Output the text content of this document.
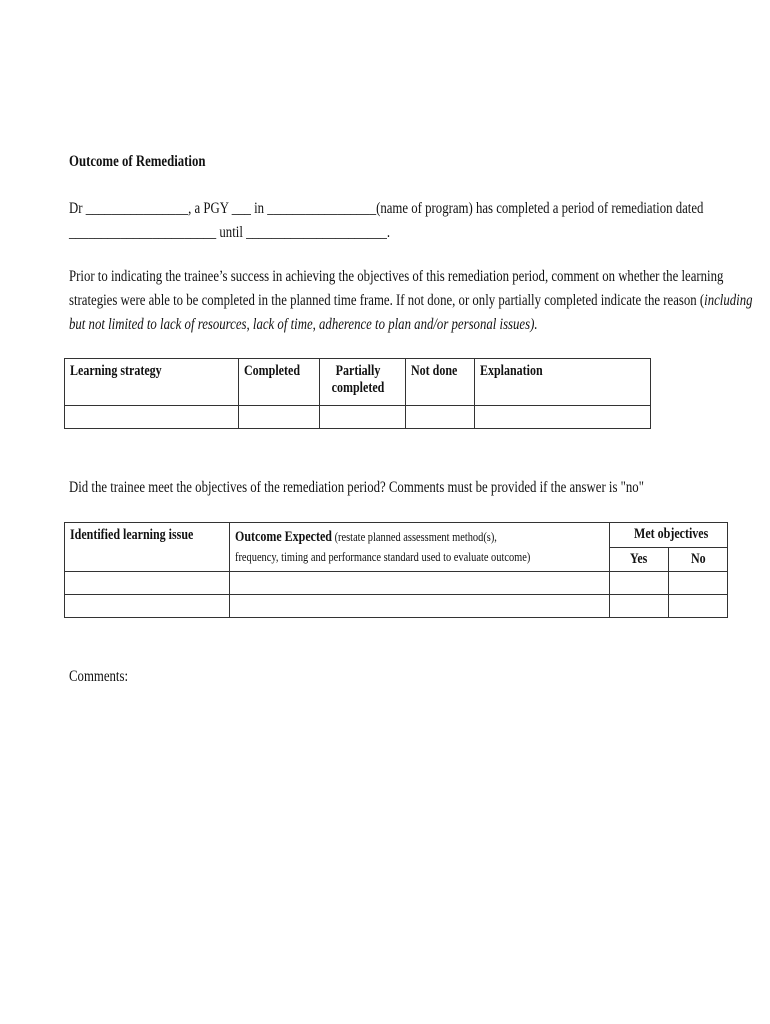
Outcome of Remediation
Dr ________________, a PGY ___ in _________________(name of program) has completed a period of remediation dated
_______________________ until ______________________.
Prior to indicating the trainee’s success in achieving the objectives of this remediation period, comment on whether the learning
strategies were able to be completed in the planned time frame. If not done, or only partially completed indicate the reason (including
but not limited to lack of resources, lack of time, adherence to plan and/or personal issues).
Learning strategy	Completed	Partially completed	Not done	Explanation

Did the trainee meet the objectives of the remediation period? Comments must be provided if the answer is "no"
Identified learning issue	Outcome Expected (restate planned assessment method(s),
frequency, timing and performance standard used to evaluate outcome)	Met objectives	

		Yes	No

Comments:
